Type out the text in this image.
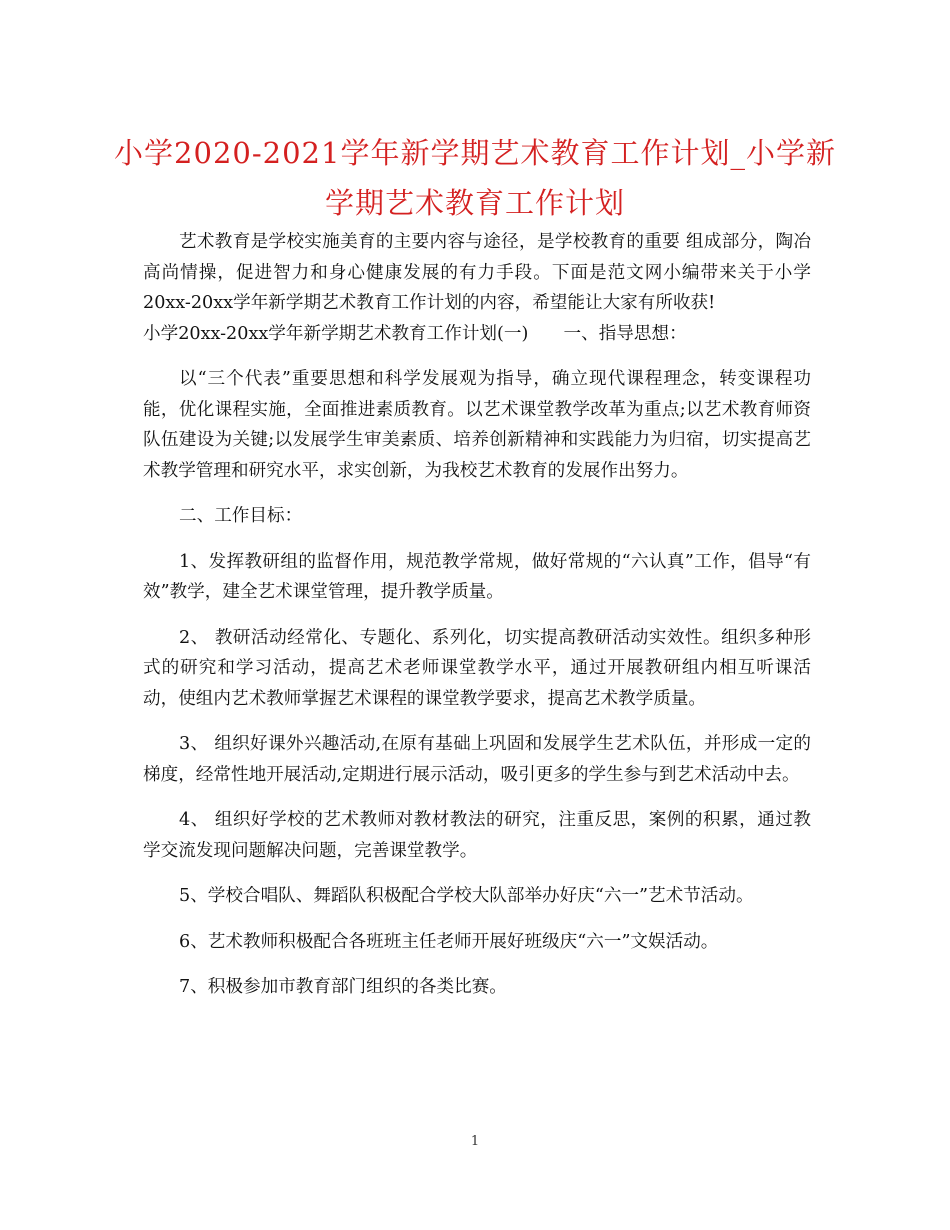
小学2020-2021学年新学期艺术教育工作计划_小学新
学期艺术教育工作计划

艺术教育是学校实施美育的主要内容与途径，是学校教育的重要 组成部分，陶冶高尚情操，促进智力和身心健康发展的有力手段。下面是范文网小编带来关于小学20xx-20xx学年新学期艺术教育工作计划的内容，希望能让大家有所收获!

小学20xx-20xx学年新学期艺术教育工作计划(一)　　一、指导思想：

以“三个代表”重要思想和科学发展观为指导，确立现代课程理念，转变课程功能，优化课程实施，全面推进素质教育。以艺术课堂教学改革为重点;以艺术教育师资队伍建设为关键;以发展学生审美素质、培养创新精神和实践能力为归宿，切实提高艺术教学管理和研究水平，求实创新，为我校艺术教育的发展作出努力。

二、工作目标：

1、发挥教研组的监督作用，规范教学常规，做好常规的“六认真”工作，倡导“有效”教学，建全艺术课堂管理，提升教学质量。

2、 教研活动经常化、专题化、系列化，切实提高教研活动实效性。组织多种形式的研究和学习活动，提高艺术老师课堂教学水平，通过开展教研组内相互听课活动，使组内艺术教师掌握艺术课程的课堂教学要求，提高艺术教学质量。

3、 组织好课外兴趣活动,在原有基础上巩固和发展学生艺术队伍，并形成一定的梯度，经常性地开展活动,定期进行展示活动，吸引更多的学生参与到艺术活动中去。

4、 组织好学校的艺术教师对教材教法的研究，注重反思，案例的积累，通过教学交流发现问题解决问题，完善课堂教学。

5、学校合唱队、舞蹈队积极配合学校大队部举办好庆“六一”艺术节活动。

6、艺术教师积极配合各班班主任老师开展好班级庆“六一”文娱活动。

7、积极参加市教育部门组织的各类比赛。

1
